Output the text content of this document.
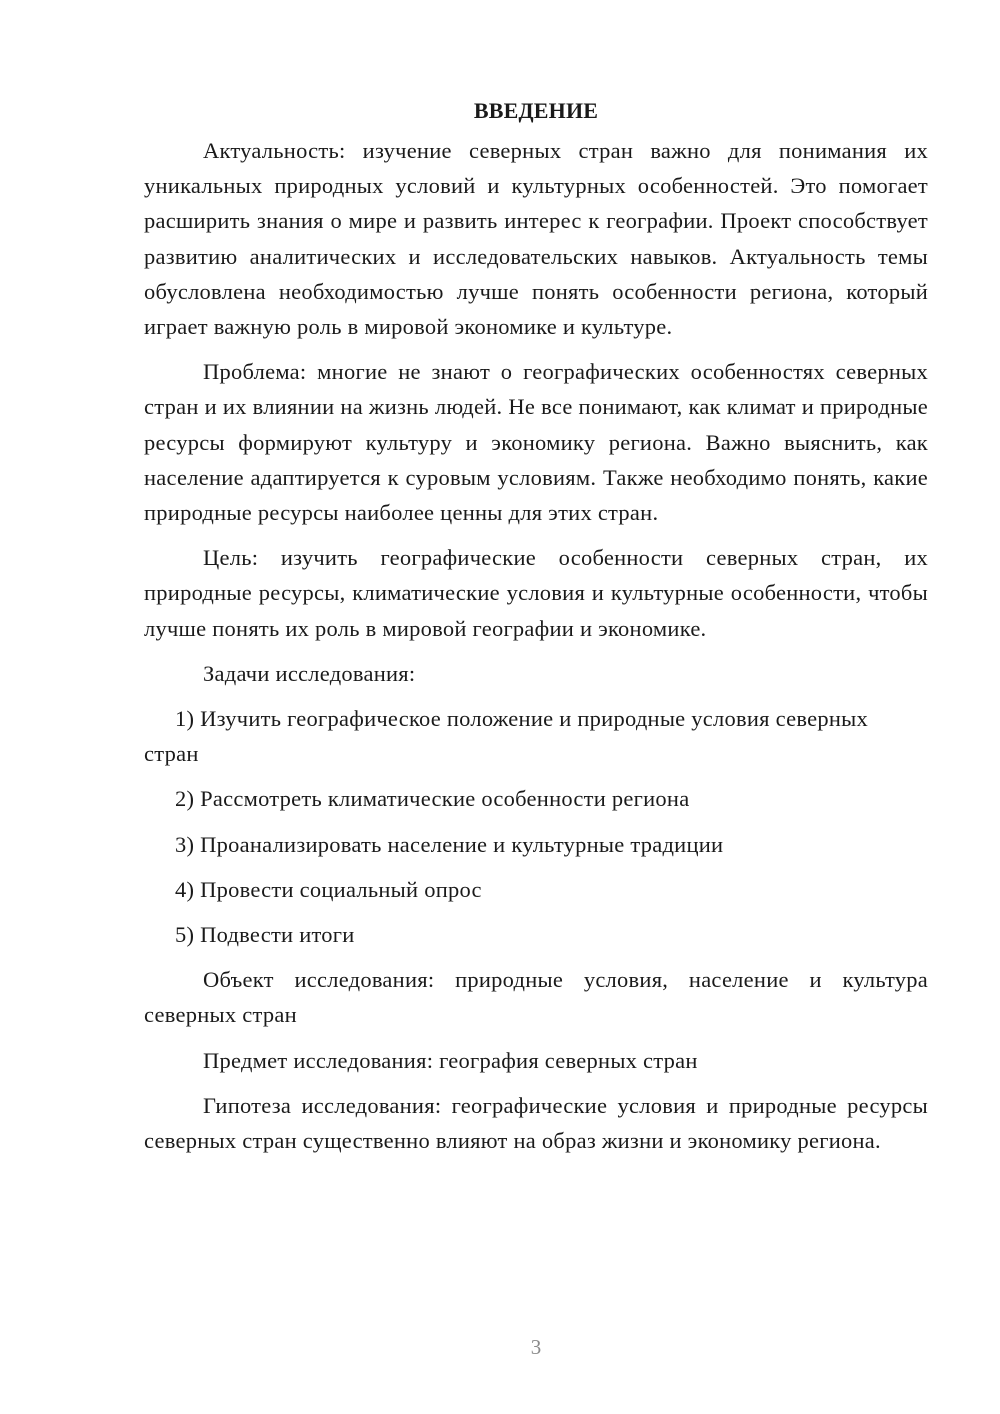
ВВЕДЕНИЕ

Актуальность: изучение северных стран важно для понимания их уникальных природных условий и культурных особенностей. Это помогает расширить знания о мире и развить интерес к географии. Проект способствует развитию аналитических и исследовательских навыков. Актуальность темы обусловлена необходимостью лучше понять особенности региона, который играет важную роль в мировой экономике и культуре.

Проблема: многие не знают о географических особенностях северных стран и их влиянии на жизнь людей. Не все понимают, как климат и природные ресурсы формируют культуру и экономику региона. Важно выяснить, как население адаптируется к суровым условиям. Также необходимо понять, какие природные ресурсы наиболее ценны для этих стран.

Цель: изучить географические особенности северных стран, их природные ресурсы, климатические условия и культурные особенности, чтобы лучше понять их роль в мировой географии и экономике.

Задачи исследования:

1) Изучить географическое положение и природные условия северных стран
2) Рассмотреть климатические особенности региона
3) Проанализировать население и культурные традиции
4) Провести социальный опрос
5) Подвести итоги

Объект исследования: природные условия, население и культура северных стран

Предмет исследования: география северных стран

Гипотеза исследования: географические условия и природные ресурсы северных стран существенно влияют на образ жизни и экономику региона.

3
